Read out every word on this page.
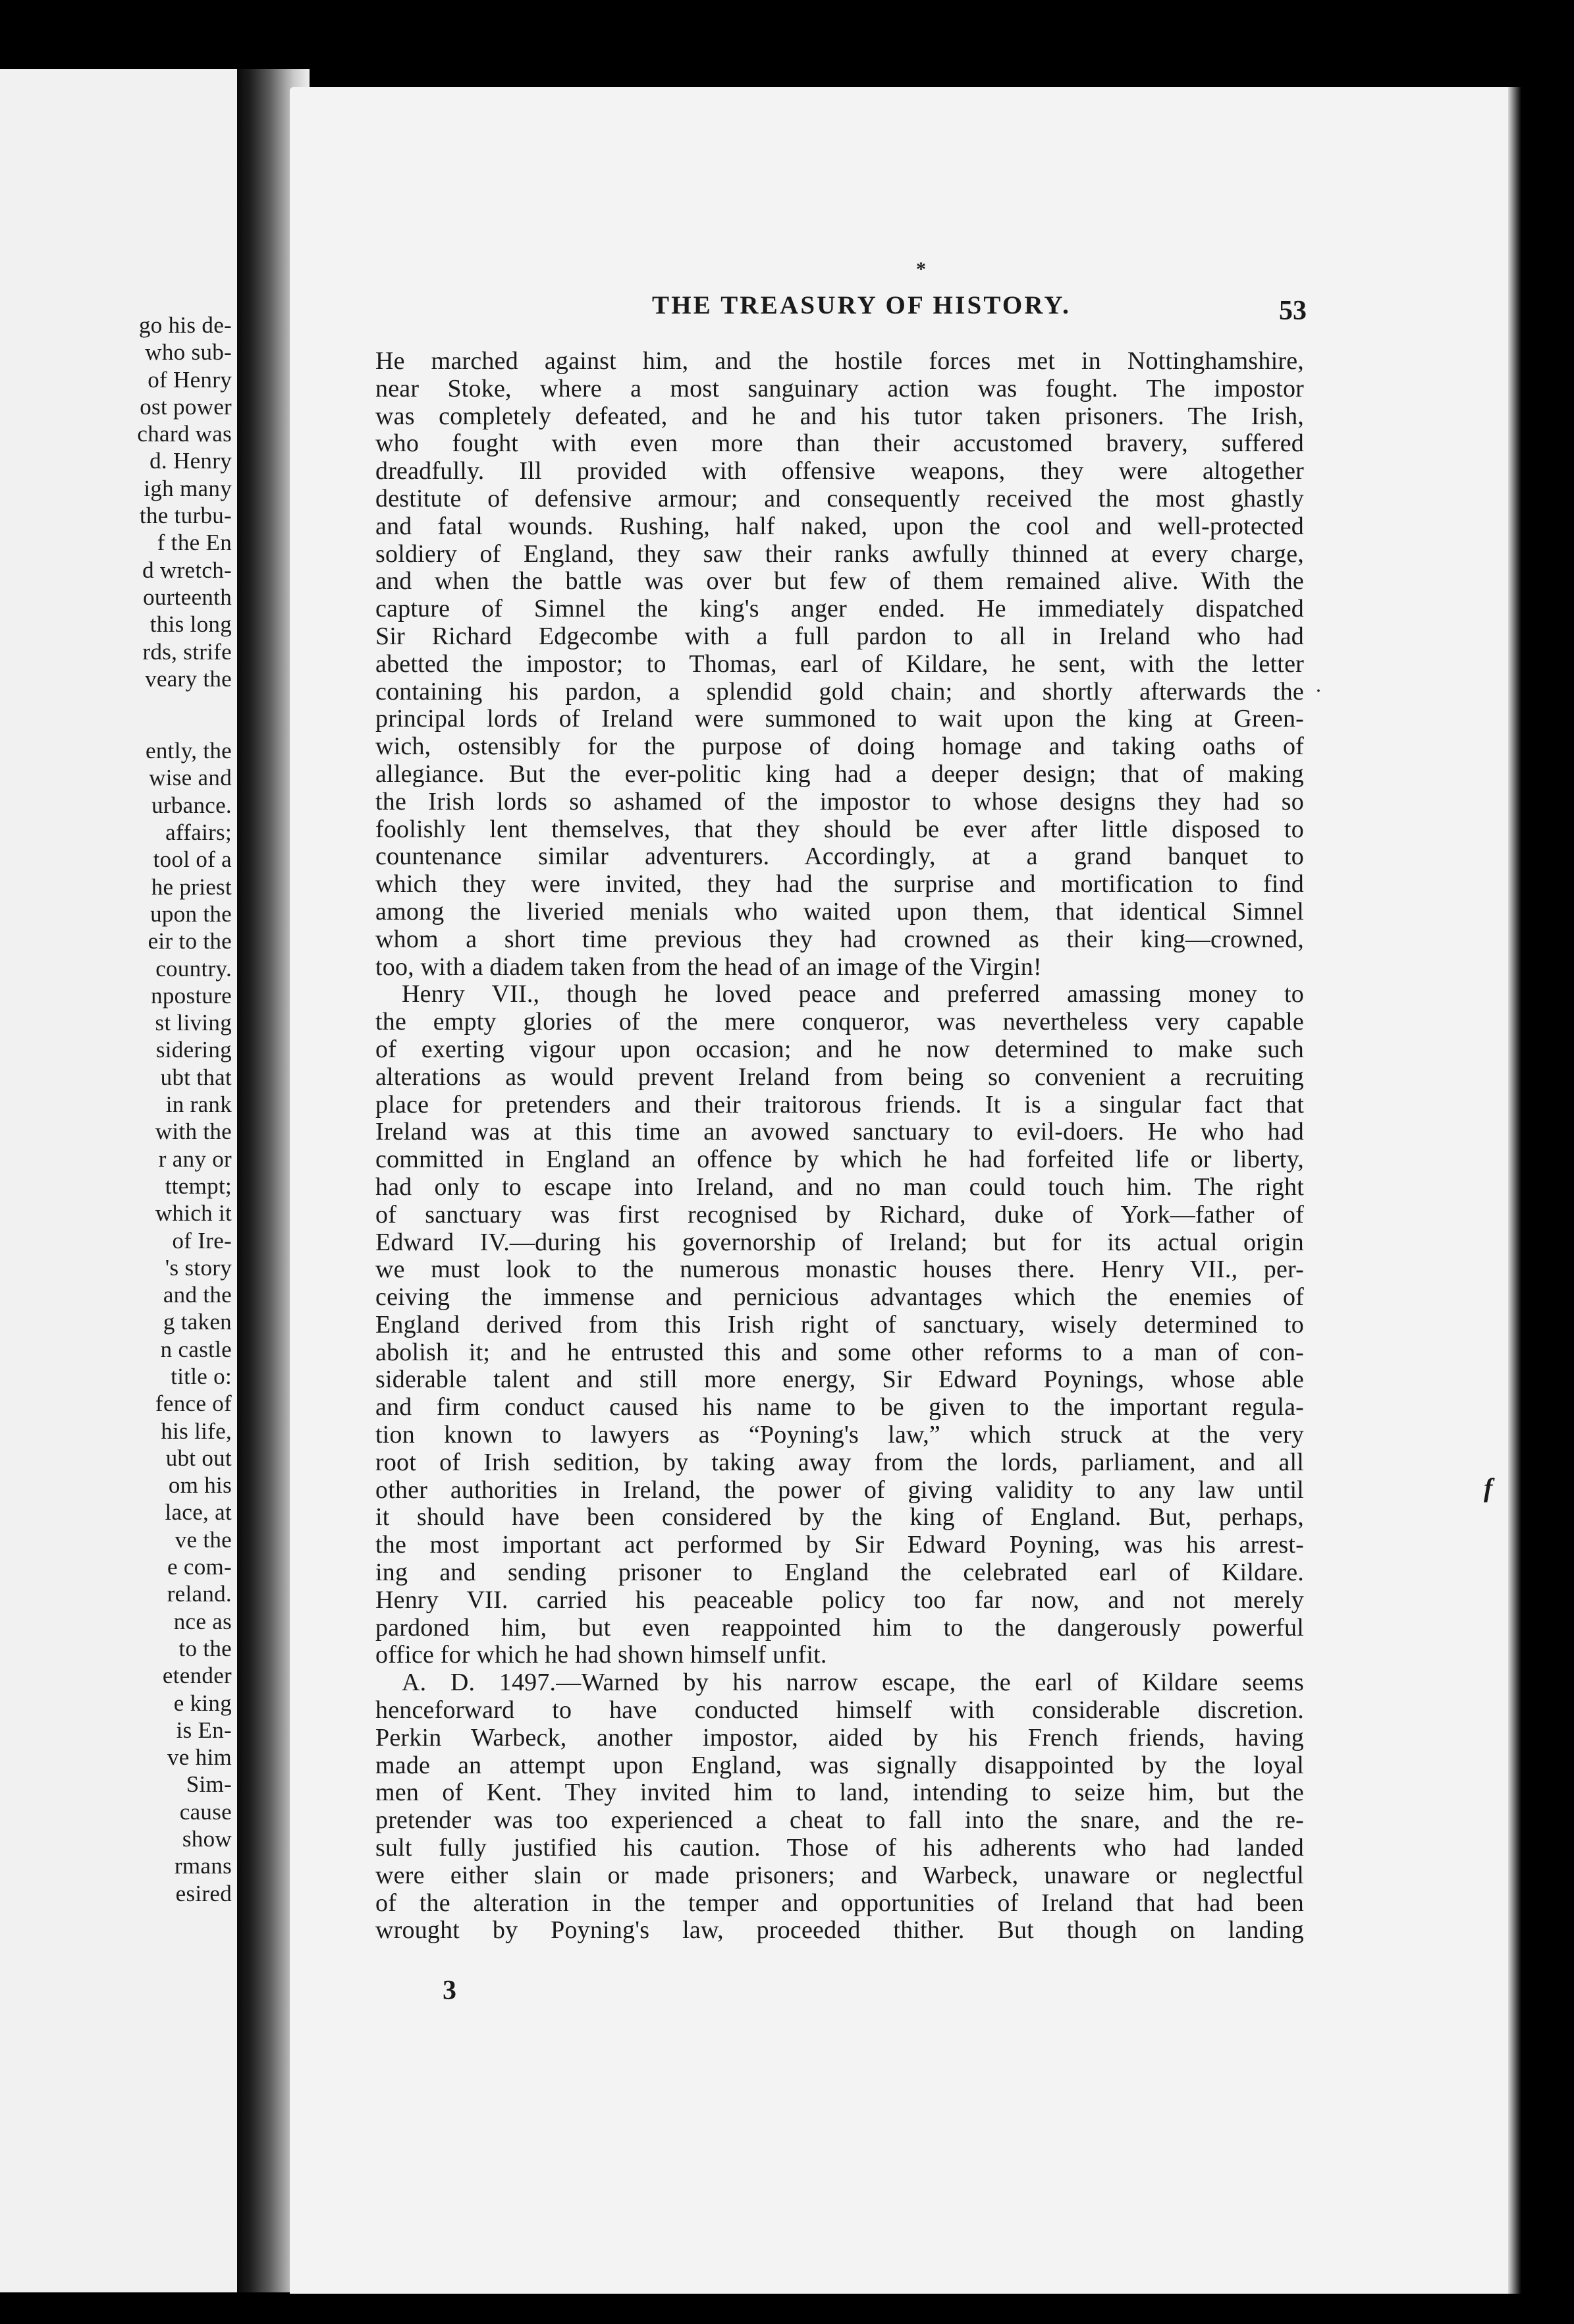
go his de-
who sub-
of Henry
ost power
chard was
d. Henry
igh many
the turbu-
f the En
d wretch-
ourteenth
this long
rds, strife
veary the
ently, the
wise and
urbance.
affairs;
tool of a
he priest
upon the
eir to the
country.
nposture
st living
sidering
ubt that
in rank
with the
r any or
ttempt;
which it
of Ire-
's story
and the
g taken
n castle
title o:
fence of
his life,
ubt out
om his
lace, at
ve the
e com-
reland.
nce as
to the
etender
e king
is En-
ve him
Sim-
cause
show
rmans
esired
*
THE TREASURY OF HISTORY.	53
.
f
He marched against him, and the hostile forces met in Nottinghamshire,
near Stoke, where a most sanguinary action was fought. The impostor
was completely defeated, and he and his tutor taken prisoners. The Irish,
who fought with even more than their accustomed bravery, suffered
dreadfully. Ill provided with offensive weapons, they were altogether
destitute of defensive armour; and consequently received the most ghastly
and fatal wounds. Rushing, half naked, upon the cool and well-protected
soldiery of England, they saw their ranks awfully thinned at every charge,
and when the battle was over but few of them remained alive. With the
capture of Simnel the king's anger ended. He immediately dispatched
Sir Richard Edgecombe with a full pardon to all in Ireland who had
abetted the impostor; to Thomas, earl of Kildare, he sent, with the letter
containing his pardon, a splendid gold chain; and shortly afterwards the
principal lords of Ireland were summoned to wait upon the king at Green-
wich, ostensibly for the purpose of doing homage and taking oaths of
allegiance. But the ever-politic king had a deeper design; that of making
the Irish lords so ashamed of the impostor to whose designs they had so
foolishly lent themselves, that they should be ever after little disposed to
countenance similar adventurers. Accordingly, at a grand banquet to
which they were invited, they had the surprise and mortification to find
among the liveried menials who waited upon them, that identical Simnel
whom a short time previous they had crowned as their king—crowned,
too, with a diadem taken from the head of an image of the Virgin!
Henry VII., though he loved peace and preferred amassing money to
the empty glories of the mere conqueror, was nevertheless very capable
of exerting vigour upon occasion; and he now determined to make such
alterations as would prevent Ireland from being so convenient a recruiting
place for pretenders and their traitorous friends. It is a singular fact that
Ireland was at this time an avowed sanctuary to evil-doers. He who had
committed in England an offence by which he had forfeited life or liberty,
had only to escape into Ireland, and no man could touch him. The right
of sanctuary was first recognised by Richard, duke of York—father of
Edward IV.—during his governorship of Ireland; but for its actual origin
we must look to the numerous monastic houses there. Henry VII., per-
ceiving the immense and pernicious advantages which the enemies of
England derived from this Irish right of sanctuary, wisely determined to
abolish it; and he entrusted this and some other reforms to a man of con-
siderable talent and still more energy, Sir Edward Poynings, whose able
and firm conduct caused his name to be given to the important regula-
tion known to lawyers as “Poyning's law,” which struck at the very
root of Irish sedition, by taking away from the lords, parliament, and all
other authorities in Ireland, the power of giving validity to any law until
it should have been considered by the king of England. But, perhaps,
the most important act performed by Sir Edward Poyning, was his arrest-
ing and sending prisoner to England the celebrated earl of Kildare.
Henry VII. carried his peaceable policy too far now, and not merely
pardoned him, but even reappointed him to the dangerously powerful
office for which he had shown himself unfit.
A. D. 1497.—Warned by his narrow escape, the earl of Kildare seems
henceforward to have conducted himself with considerable discretion.
Perkin Warbeck, another impostor, aided by his French friends, having
made an attempt upon England, was signally disappointed by the loyal
men of Kent. They invited him to land, intending to seize him, but the
pretender was too experienced a cheat to fall into the snare, and the re-
sult fully justified his caution. Those of his adherents who had landed
were either slain or made prisoners; and Warbeck, unaware or neglectful
of the alteration in the temper and opportunities of Ireland that had been
wrought by Poyning's law, proceeded thither. But though on landing
3
